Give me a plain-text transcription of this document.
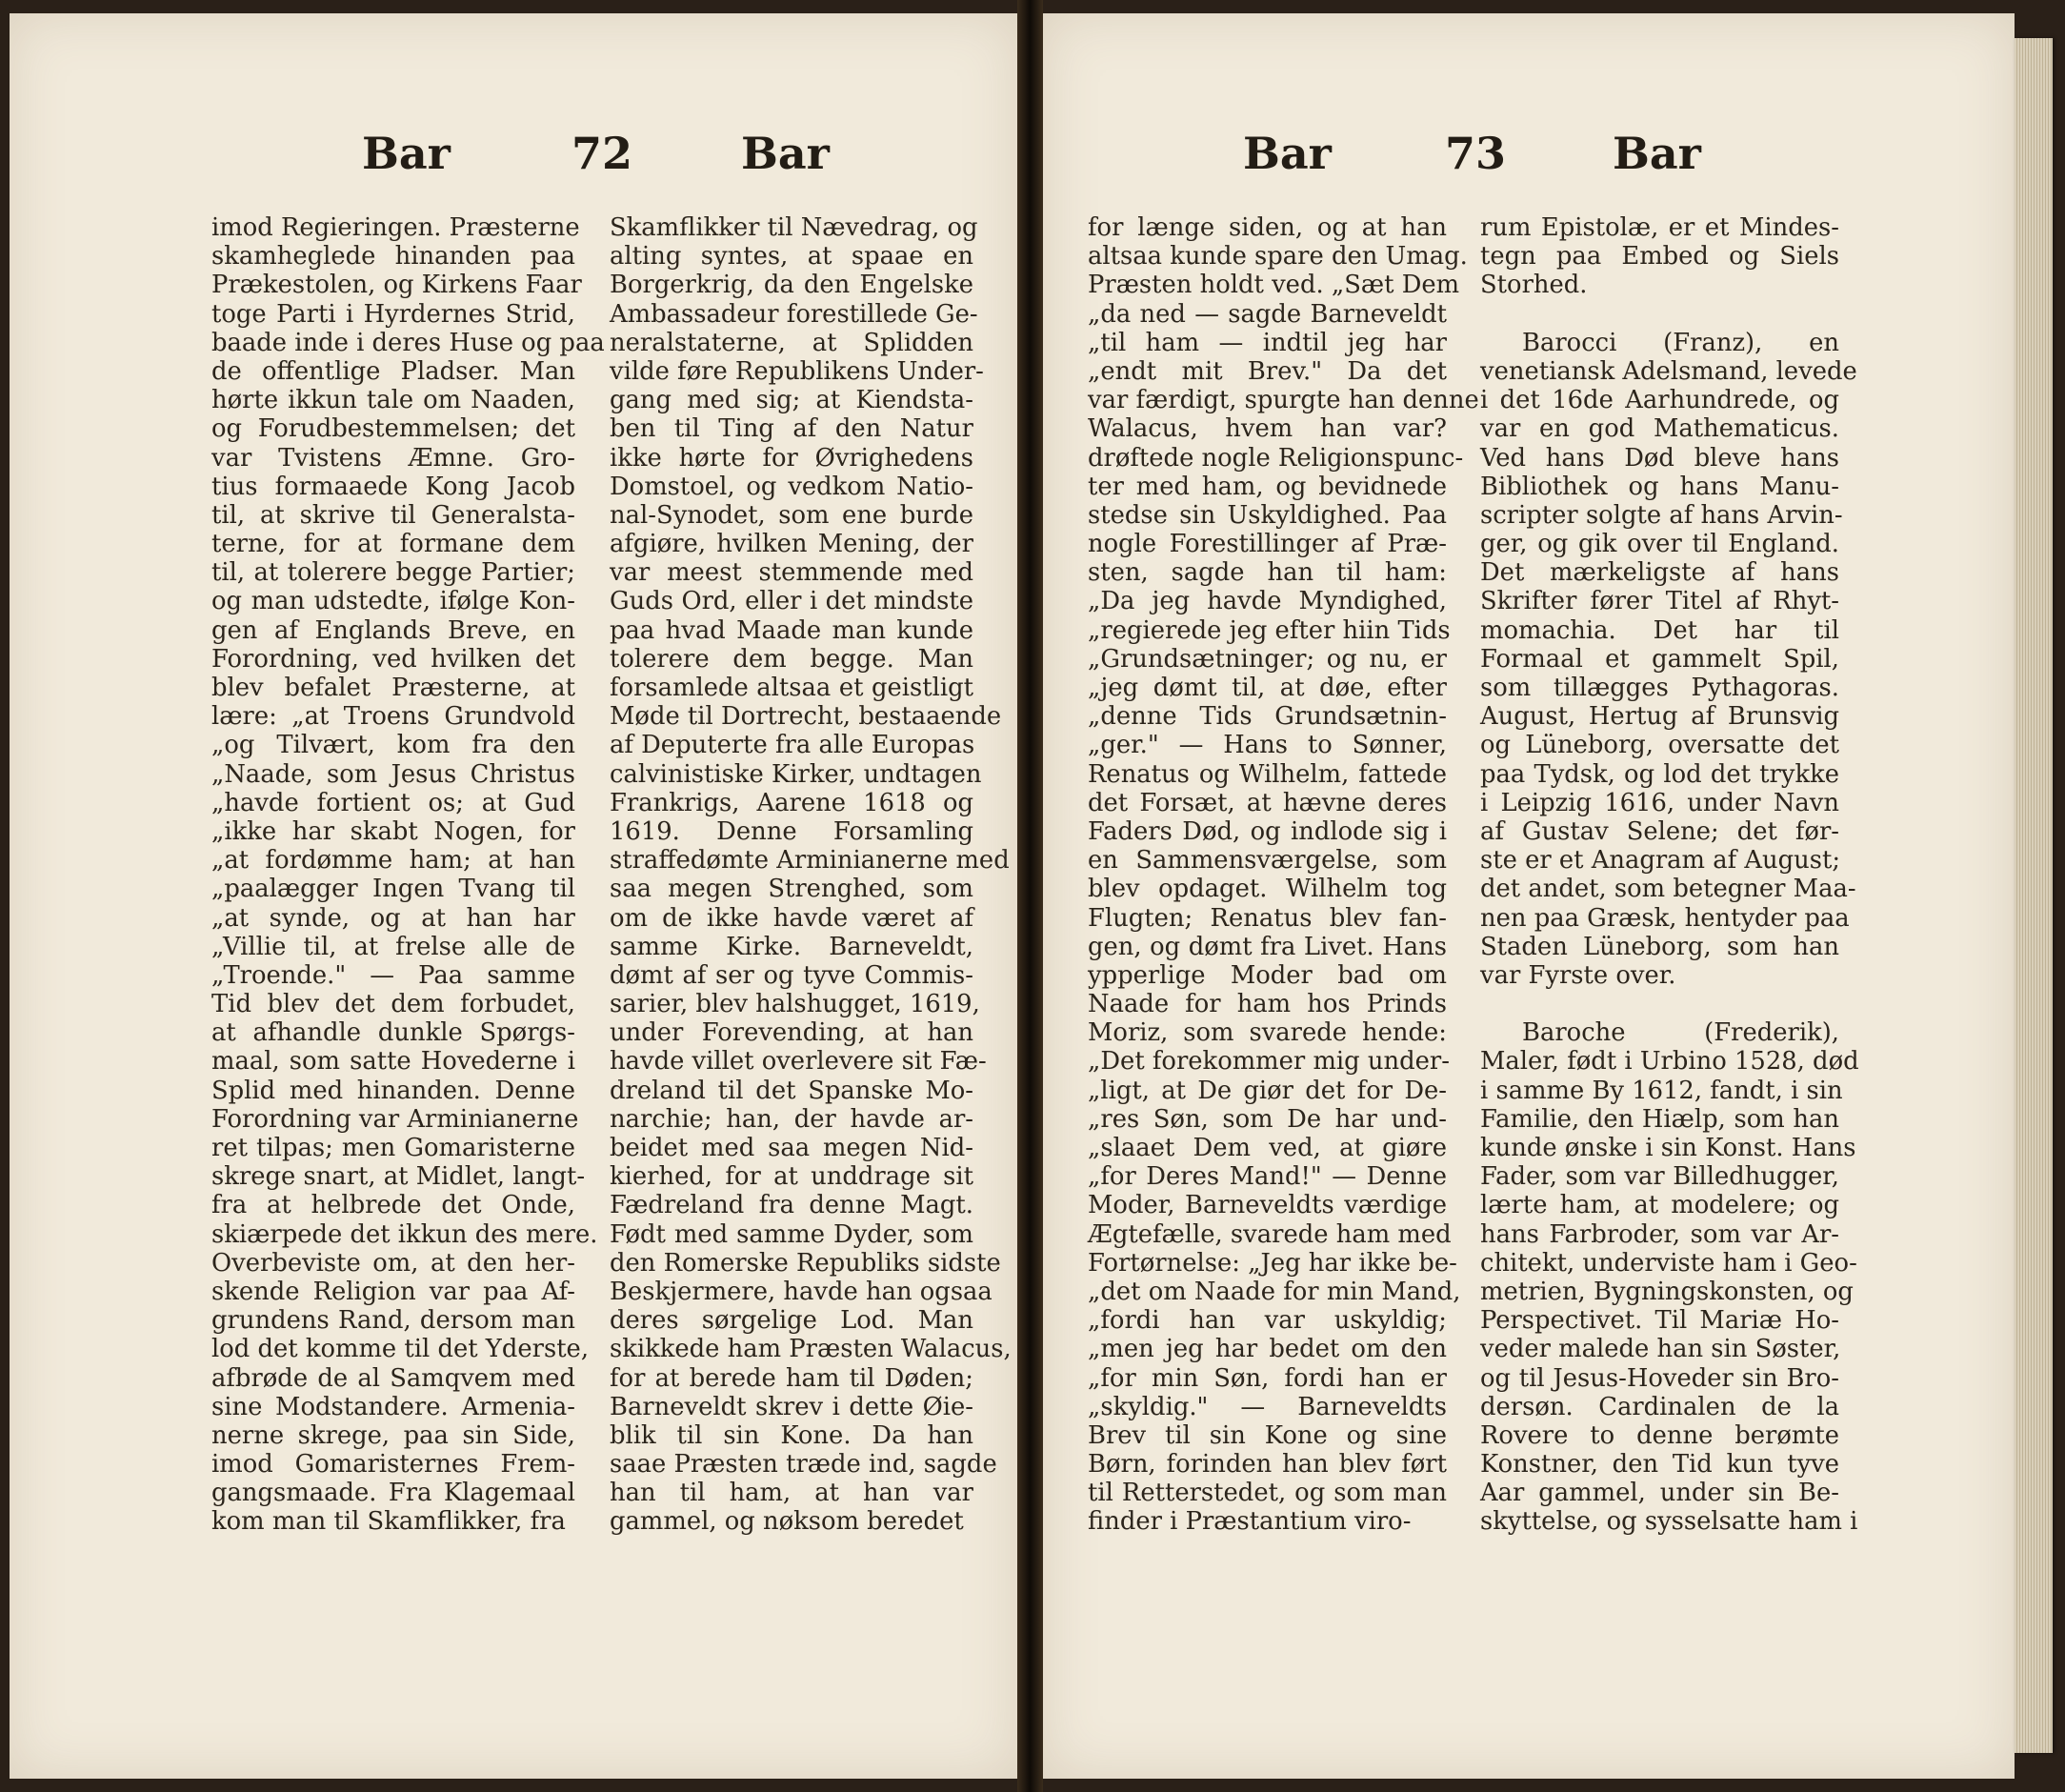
Bar	72 Bar
imod Regieringen. Præsterne
skamheglede hinanden paa
Prækestolen, og Kirkens Faar
toge Parti i Hyrdernes Strid,
baade inde i deres Huse og paa
de offentlige Pladser. Man
hørte ikkun tale om Naaden,
og Forudbestemmelsen; det
var Tvistens Æmne. Gro-
tius formaaede Kong Jacob
til, at skrive til Generalsta-
terne, for at formane dem
til, at tolerere begge Partier;
og man udstedte, ifølge Kon-
gen af Englands Breve, en
Forordning, ved hvilken det
blev befalet Præsterne, at
lære: „at Troens Grundvold
„og Tilvært, kom fra den
„Naade, som Jesus Christus
„havde fortient os; at Gud
„ikke har skabt Nogen, for
„at fordømme ham; at han
„paalægger Ingen Tvang til
„at synde, og at han har
„Villie til, at frelse alle de
„Troende." — Paa samme
Tid blev det dem forbudet,
at afhandle dunkle Spørgs-
maal, som satte Hovederne i
Splid med hinanden. Denne
Forordning var Arminianerne
ret tilpas; men Gomaristerne
skrege snart, at Midlet, langt-
fra at helbrede det Onde,
skiærpede det ikkun des mere.
Overbeviste om, at den her-
skende Religion var paa Af-
grundens Rand, dersom man
lod det komme til det Yderste,
afbrøde de al Samqvem med
sine Modstandere. Armenia-
nerne skrege, paa sin Side,
imod Gomaristernes Frem-
gangsmaade. Fra Klagemaal
kom man til Skamflikker, fra
Skamflikker til Nævedrag, og
alting syntes, at spaae en
Borgerkrig, da den Engelske
Ambassadeur forestillede Ge-
neralstaterne, at Splidden
vilde føre Republikens Under-
gang med sig; at Kiendsta-
ben til Ting af den Natur
ikke hørte for Øvrighedens
Domstoel, og vedkom Natio-
nal-Synodet, som ene burde
afgiøre, hvilken Mening, der
var meest stemmende med
Guds Ord, eller i det mindste
paa hvad Maade man kunde
tolerere dem begge. Man
forsamlede altsaa et geistligt
Møde til Dortrecht, bestaaende
af Deputerte fra alle Europas
calvinistiske Kirker, undtagen
Frankrigs, Aarene 1618 og
1619. Denne Forsamling
straffedømte Arminianerne med
saa megen Strenghed, som
om de ikke havde været af
samme Kirke. Barneveldt,
dømt af ser og tyve Commis-
sarier, blev halshugget, 1619,
under Forevending, at han
havde villet overlevere sit Fæ-
dreland til det Spanske Mo-
narchie; han, der havde ar-
beidet med saa megen Nid-
kierhed, for at unddrage sit
Fædreland fra denne Magt.
Født med samme Dyder, som
den Romerske Republiks sidste
Beskjermere, havde han ogsaa
deres sørgelige Lod. Man
skikkede ham Præsten Walacus,
for at berede ham til Døden;
Barneveldt skrev i dette Øie-
blik til sin Kone. Da han
saae Præsten træde ind, sagde
han til ham, at han var
gammel, og nøksom beredet
Bar	73 Bar
for længe siden, og at han
altsaa kunde spare den Umag.
Præsten holdt ved. „Sæt Dem
„da ned — sagde Barneveldt
„til ham — indtil jeg har
„endt mit Brev." Da det
var færdigt, spurgte han denne
Walacus, hvem han var?
drøftede nogle Religionspunc-
ter med ham, og bevidnede
stedse sin Uskyldighed. Paa
nogle Forestillinger af Præ-
sten, sagde han til ham:
„Da jeg havde Myndighed,
„regierede jeg efter hiin Tids
„Grundsætninger; og nu, er
„jeg dømt til, at døe, efter
„denne Tids Grundsætnin-
„ger." — Hans to Sønner,
Renatus og Wilhelm, fattede
det Forsæt, at hævne deres
Faders Død, og indlode sig i
en Sammensværgelse, som
blev opdaget. Wilhelm tog
Flugten; Renatus blev fan-
gen, og dømt fra Livet. Hans
ypperlige Moder bad om
Naade for ham hos Prinds
Moriz, som svarede hende:
„Det forekommer mig under-
„ligt, at De giør det for De-
„res Søn, som De har und-
„slaaet Dem ved, at giøre
„for Deres Mand!" — Denne
Moder, Barneveldts værdige
Ægtefælle, svarede ham med
Fortørnelse: „Jeg har ikke be-
„det om Naade for min Mand,
„fordi han var uskyldig;
„men jeg har bedet om den
„for min Søn, fordi han er
„skyldig." — Barneveldts
Brev til sin Kone og sine
Børn, forinden han blev ført
til Retterstedet, og som man
finder i Præstantium viro-
rum Epistolæ, er et Mindes-
tegn paa Embed og Siels
Storhed.
Barocci (Franz), en
venetiansk Adelsmand, levede
i det 16de Aarhundrede, og
var en god Mathematicus.
Ved hans Død bleve hans
Bibliothek og hans Manu-
scripter solgte af hans Arvin-
ger, og gik over til England.
Det mærkeligste af hans
Skrifter fører Titel af Rhyt-
momachia. Det har til
Formaal et gammelt Spil,
som tillægges Pythagoras.
August, Hertug af Brunsvig
og Lüneborg, oversatte det
paa Tydsk, og lod det trykke
i Leipzig 1616, under Navn
af Gustav Selene; det før-
ste er et Anagram af August;
det andet, som betegner Maa-
nen paa Græsk, hentyder paa
Staden Lüneborg, som han
var Fyrste over.
Baroche (Frederik),
Maler, født i Urbino 1528, død
i samme By 1612, fandt, i sin
Familie, den Hiælp, som han
kunde ønske i sin Konst. Hans
Fader, som var Billedhugger,
lærte ham, at modelere; og
hans Farbroder, som var Ar-
chitekt, underviste ham i Geo-
metrien, Bygningskonsten, og
Perspectivet. Til Mariæ Ho-
veder malede han sin Søster,
og til Jesus-Hoveder sin Bro-
dersøn. Cardinalen de la
Rovere to denne berømte
Konstner, den Tid kun tyve
Aar gammel, under sin Be-
skyttelse, og sysselsatte ham i
